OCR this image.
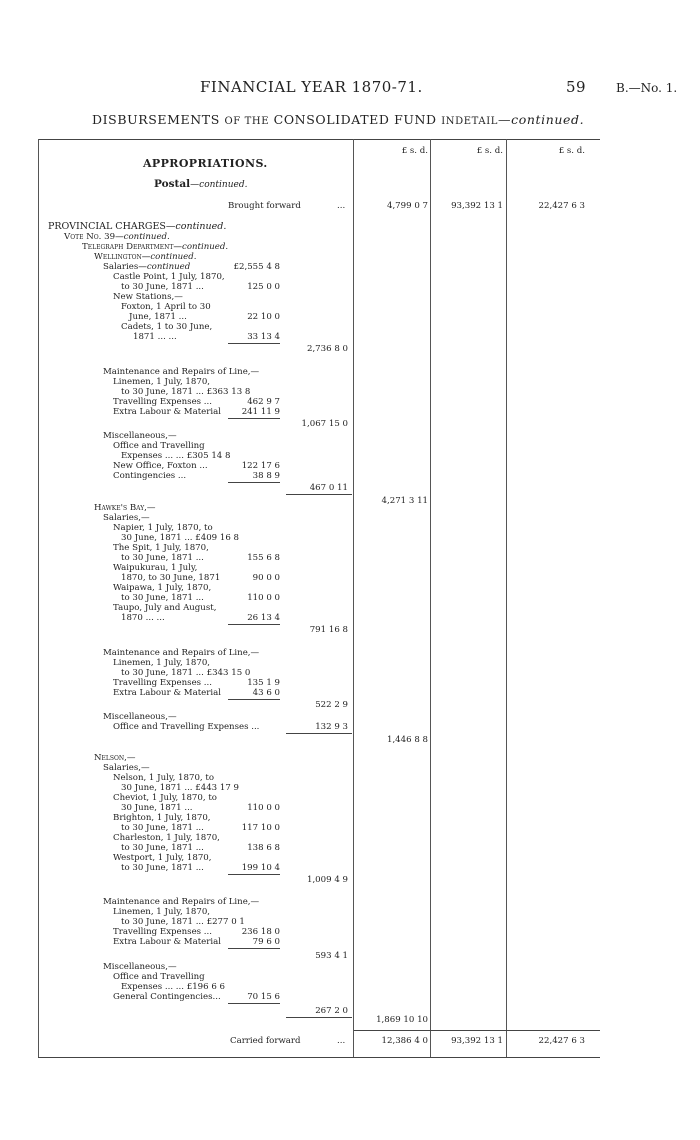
FINANCIAL YEAR 1870-71.	59 B.—No. 1.
DISBURSEMENTS OF THE CONSOLIDATED FUND INDETAIL—continued.
£ s. d.	£ s. d.	£ s. d.
APPROPRIATIONS.
Postal—continued.
Brought forward	...	4,799 0 7	93,392 13 1	22,427 6 3
PROVINCIAL CHARGES—continued.
Vote No. 39—continued.
Telegraph Department—continued.
Wellington—continued.
Salaries—continued	£2,555 4 8
Castle Point, 1 July, 1870,
to 30 June, 1871 ...	125 0 0
New Stations,—
Foxton, 1 April to 30
June, 1871 ...	22 10 0
Cadets, 1 to 30 June,
1871 ... ...	33 13 4
2,736 8 0
Maintenance and Repairs of Line,—
Linemen, 1 July, 1870,
to 30 June, 1871 ... £363 13 8
Travelling Expenses ...	462 9 7
Extra Labour & Material	241 11 9
1,067 15 0
Miscellaneous,—
Office and Travelling
Expenses ... ... £305 14 8
New Office, Foxton ...	122 17 6
Contingencies ...	38 8 9
467 0 11
4,271 3 11
Hawke's Bay,—
Salaries,—
Napier, 1 July, 1870, to
30 June, 1871 ... £409 16 8
The Spit, 1 July, 1870,
to 30 June, 1871 ...	155 6 8
Waipukurau, 1 July,
1870, to 30 June, 1871	90 0 0
Waipawa, 1 July, 1870,
to 30 June, 1871 ...	110 0 0
Taupo, July and August,
1870 ... ...	26 13 4
791 16 8
Maintenance and Repairs of Line,—
Linemen, 1 July, 1870,
to 30 June, 1871 ... £343 15 0
Travelling Expenses ...	135 1 9
Extra Labour & Material	43 6 0
522 2 9
Miscellaneous,—
Office and Travelling Expenses ...	132 9 3
1,446 8 8
Nelson,—
Salaries,—
Nelson, 1 July, 1870, to
30 June, 1871 ... £443 17 9
Cheviot, 1 July, 1870, to
30 June, 1871 ...	110 0 0
Brighton, 1 July, 1870,
to 30 June, 1871 ...	117 10 0
Charleston, 1 July, 1870,
to 30 June, 1871 ...	138 6 8
Westport, 1 July, 1870,
to 30 June, 1871 ...	199 10 4
1,009 4 9
Maintenance and Repairs of Line,—
Linemen, 1 July, 1870,
to 30 June, 1871 ... £277 0 1
Travelling Expenses ...	236 18 0
Extra Labour & Material	79 6 0
593 4 1
Miscellaneous,—
Office and Travelling
Expenses ... ... £196 6 6
General Contingencies...	70 15 6
267 2 0
1,869 10 10
Carried forward	...	12,386 4 0	93,392 13 1	22,427 6 3
